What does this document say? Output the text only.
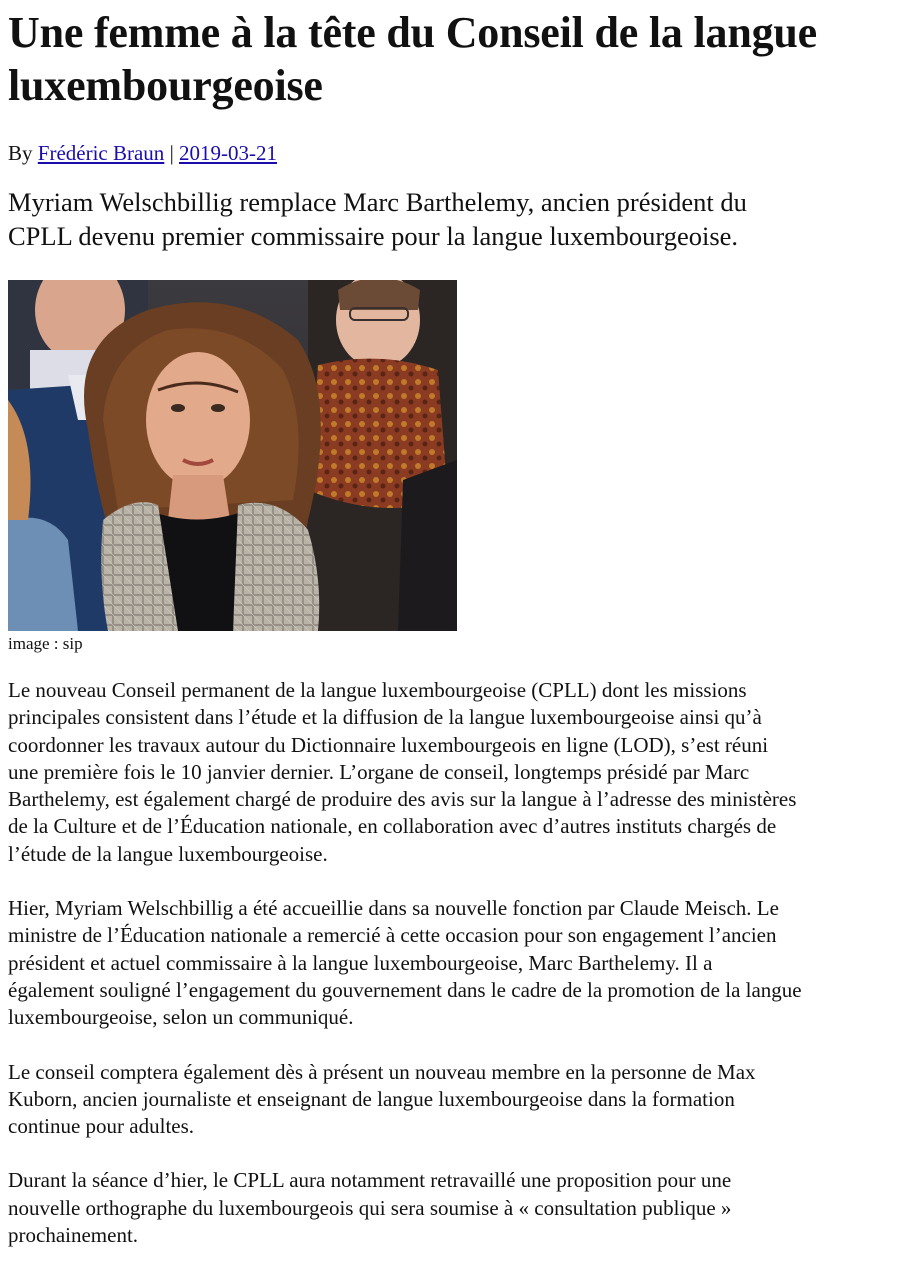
Une femme à la tête du Conseil de la langue
luxembourgeoise
By Frédéric Braun | 2019-03-21
Myriam Welschbillig remplace Marc Barthelemy, ancien président du
CPLL devenu premier commissaire pour la langue luxembourgeoise.
image : sip

Le nouveau Conseil permanent de la langue luxembourgeoise (CPLL) dont les missions
principales consistent dans l’étude et la diffusion de la langue luxembourgeoise ainsi qu’à
coordonner les travaux autour du Dictionnaire luxembourgeois en ligne (LOD), s’est réuni
une première fois le 10 janvier dernier. L’organe de conseil, longtemps présidé par Marc
Barthelemy, est également chargé de produire des avis sur la langue à l’adresse des ministères
de la Culture et de l’Éducation nationale, en collaboration avec d’autres instituts chargés de
l’étude de la langue luxembourgeoise.

Hier, Myriam Welschbillig a été accueillie dans sa nouvelle fonction par Claude Meisch. Le
ministre de l’Éducation nationale a remercié à cette occasion pour son engagement l’ancien
président et actuel commissaire à la langue luxembourgeoise, Marc Barthelemy. Il a
également souligné l’engagement du gouvernement dans le cadre de la promotion de la langue
luxembourgeoise, selon un communiqué.

Le conseil comptera également dès à présent un nouveau membre en la personne de Max
Kuborn, ancien journaliste et enseignant de langue luxembourgeoise dans la formation
continue pour adultes.

Durant la séance d’hier, le CPLL aura notamment retravaillé une proposition pour une
nouvelle orthographe du luxembourgeois qui sera soumise à « consultation publique »
prochainement.
